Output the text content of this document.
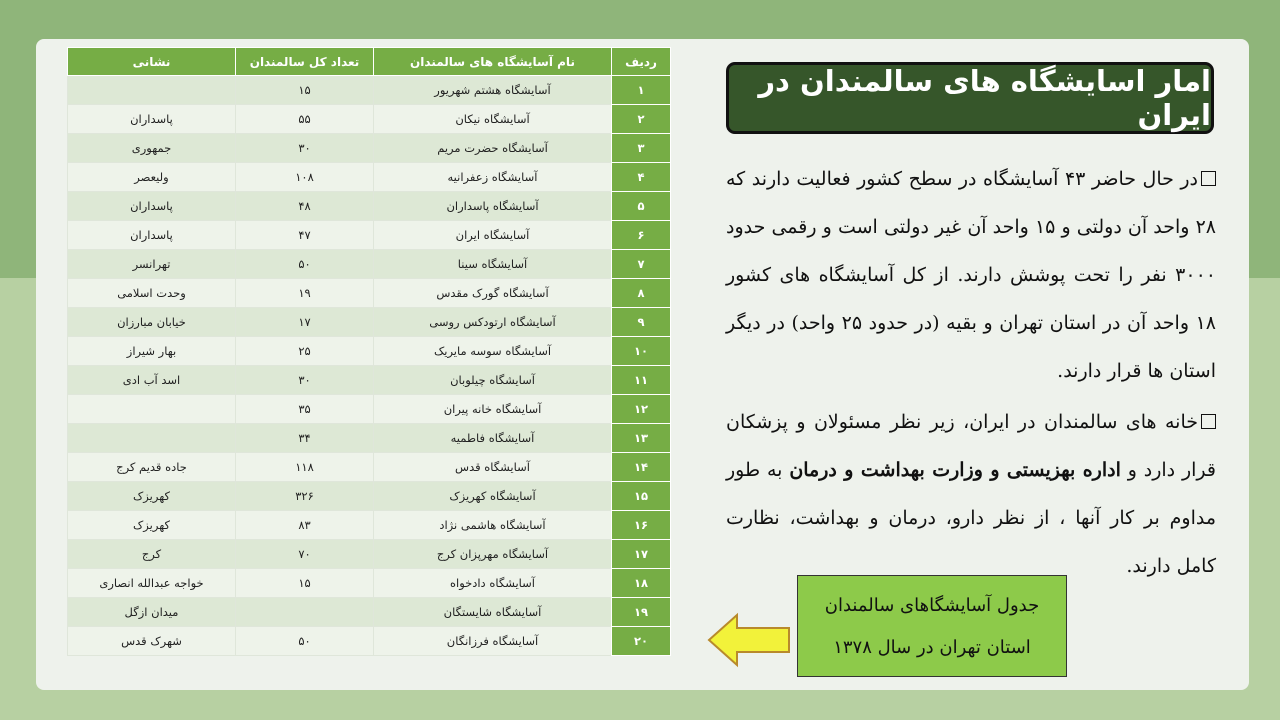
ردیف	نام آسایشگاه های سالمندان	تعداد کل سالمندان	نشانی
۱	آسایشگاه هشتم شهریور	۱۵	
۲	آسایشگاه نیکان	۵۵	پاسداران
۳	آسایشگاه حضرت مریم	۳۰	جمهوری
۴	آسایشگاه زعفرانیه	۱۰۸	ولیعصر
۵	آسایشگاه پاسداران	۴۸	پاسداران
۶	آسایشگاه ایران	۴۷	پاسداران
۷	آسایشگاه سینا	۵۰	تهرانسر
۸	آسایشگاه گورک مقدس	۱۹	وحدت اسلامی
۹	آسایشگاه ارتودکس روسی	۱۷	خیابان مبارزان
۱۰	آسایشگاه سوسه مایریک	۲۵	بهار شیراز
۱۱	آسایشگاه چیلوبان	۳۰	اسد آب ادی
۱۲	آسایشگاه خانه پیران	۳۵	
۱۳	آسایشگاه فاطمیه	۳۴	
۱۴	آسایشگاه قدس	۱۱۸	جاده قدیم کرج
۱۵	آسایشگاه کهریزک	۳۲۶	کهریزک
۱۶	آسایشگاه هاشمی نژاد	۸۳	کهریزک
۱۷	آسایشگاه مهرپزان کرج	۷۰	کرج
۱۸	آسایشگاه دادخواه	۱۵	خواجه عبدالله انصاری
۱۹	آسایشگاه شایستگان		میدان ازگل
۲۰	آسایشگاه فرزانگان	۵۰	شهرک قدس
امار اسایشگاه های سالمندان در ایران

در حال حاضر ۴۳ آسایشگاه در سطح کشور فعالیت دارند که ۲۸ واحد آن دولتی و ۱۵ واحد آن غیر دولتی است و رقمی حدود ۳۰۰۰ نفر را تحت پوشش دارند. از کل آسایشگاه های کشور ۱۸ واحد آن در استان تهران و بقیه (در حدود ۲۵ واحد) در دیگر استان ها قرار دارند.

خانه های سالمندان در ایران، زیر نظر مسئولان و پزشکان قرار دارد و اداره بهزیستی و وزارت بهداشت و درمان به طور مداوم بر کار آنها ، از نظر دارو، درمان و بهداشت، نظارت کامل دارند.

جدول آسایشگاهای سالمندان
استان تهران در سال ۱۳۷۸
